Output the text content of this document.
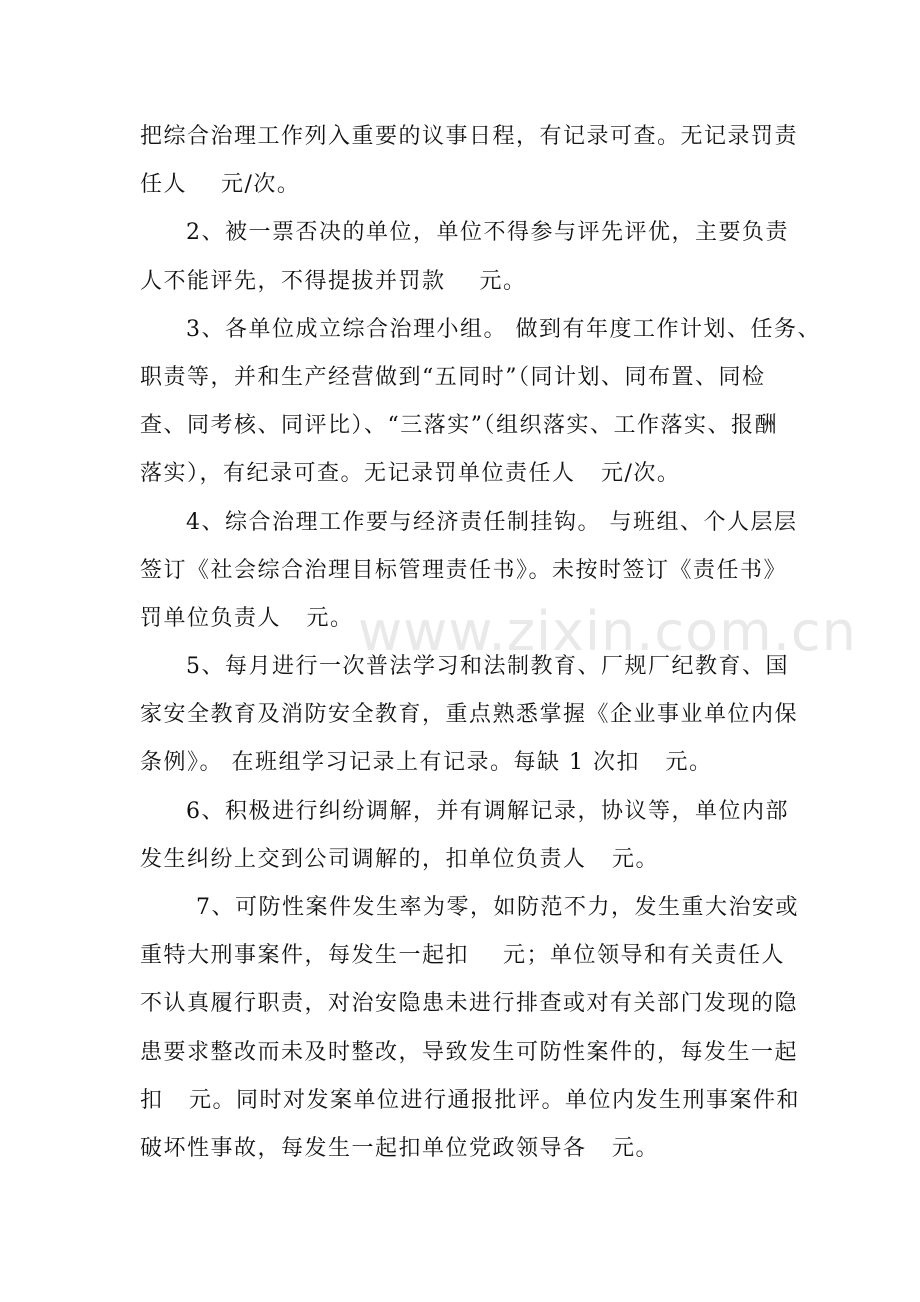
www.zixin.com.cn
把综合治理工作列入重要的议事日程，有记录可查。无记录罚责
任人    元/次。
2、被一票否决的单位，单位不得参与评先评优，主要负责
人不能评先，不得提拔并罚款    元。
3、各单位成立综合治理小组。 做到有年度工作计划、任务、
职责等，并和生产经营做到“五同时”（同计划、同布置、同检
查、同考核、同评比）、“三落实”（组织落实、工作落实、报酬
落实），有纪录可查。无记录罚单位责任人   元/次。
4、综合治理工作要与经济责任制挂钩。 与班组、个人层层
签订《社会综合治理目标管理责任书》。未按时签订《责任书》
罚单位负责人   元。
5、每月进行一次普法学习和法制教育、厂规厂纪教育、国
家安全教育及消防安全教育，重点熟悉掌握《企业事业单位内保
条例》。 在班组学习记录上有记录。每缺 1 次扣   元。
6、积极进行纠纷调解，并有调解记录，协议等，单位内部
发生纠纷上交到公司调解的，扣单位负责人   元。
7、可防性案件发生率为零，如防范不力，发生重大治安或
重特大刑事案件，每发生一起扣    元；单位领导和有关责任人
不认真履行职责，对治安隐患未进行排查或对有关部门发现的隐
患要求整改而未及时整改，导致发生可防性案件的，每发生一起
扣   元。同时对发案单位进行通报批评。单位内发生刑事案件和
破坏性事故，每发生一起扣单位党政领导各   元。
